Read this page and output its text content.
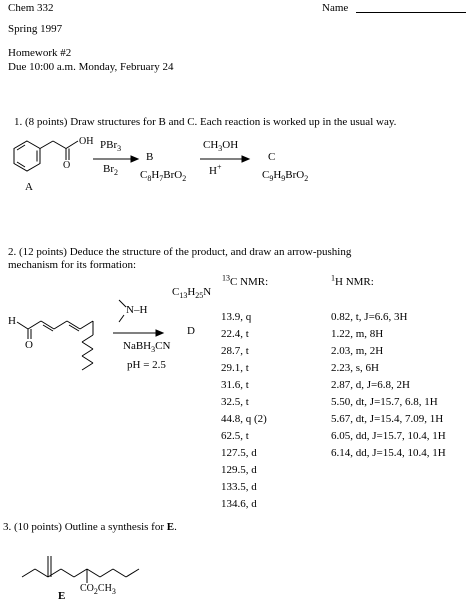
Chem 332	Name
Spring 1997
Homework #2
Due 10:00 a.m. Monday, February 24
1. (8 points) Draw structures for B and C. Each reaction is worked up in the usual way.
OH
O
A
PBr$_3$
$Br_2$
B
$C_8H_7BrO_2$
$CH_3OH$
H+
C
$C_9H_9BrO_2$
2. (12 points) Deduce the structure of the product, and draw an arrow-pushing
mechanism for its formation:
$C_{13}H_{25}N$
H
O
N–H
NaBH$_3$CN
pH = 2.5
D
$^{13}$C NMR:	$^1$H NMR:
13.9, q
22.4, t
28.7, t
29.1, t
31.6, t
32.5, t
44.8, q (2)
62.5, t
127.5, d
129.5, d
133.5, d
134.6, d
0.82, t, J=6.6, 3H
1.22, m, 8H
2.03, m, 2H
2.23, s, 6H
2.87, d, J=6.8, 2H
5.50, dt, J=15.7, 6.8, 1H
5.67, dt, J=15.4, 7.09, 1H
6.05, dd, J=15.7, 10.4, 1H
6.14, dd, J=15.4, 10.4, 1H
3. (10 points) Outline a synthesis for E.
$CO_2CH_3$
E
